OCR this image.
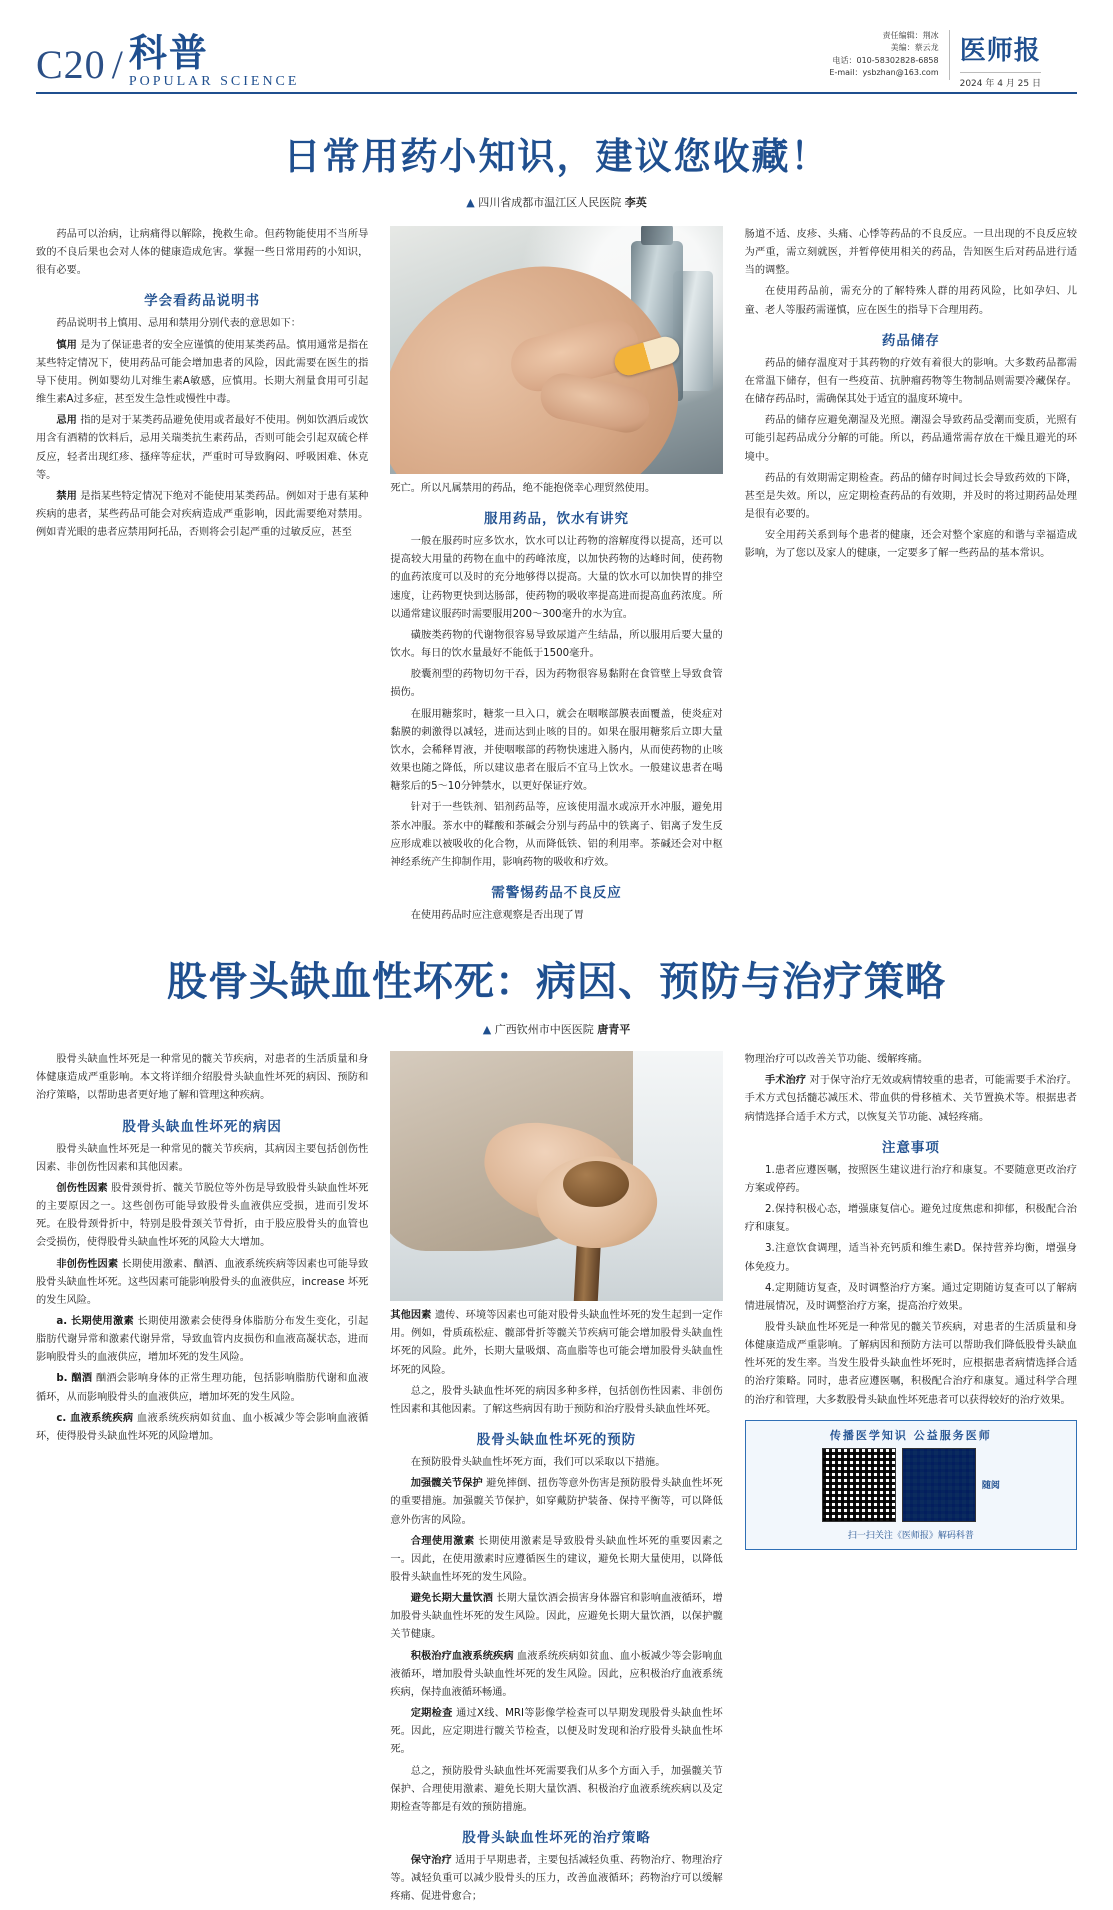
C20 / 科普
POPULAR SCIENCE
责任编辑：荆冰
美编：蔡云龙
电话：010-58302828-6858
E-mail：ysbzhan@163.com
医师报
2024 年 4 月 25 日
日常用药小知识，建议您收藏！
▲ 四川省成都市温江区人民医院 李英

药品可以治病，让病痛得以解除，挽救生命。但药物能使用不当所导致的不良后果也会对人体的健康造成危害。掌握一些日常用药的小知识，很有必要。

学会看药品说明书

药品说明书上慎用、忌用和禁用分别代表的意思如下：

慎用 是为了保证患者的安全应谨慎的使用某类药品。慎用通常是指在某些特定情况下，使用药品可能会增加患者的风险，因此需要在医生的指导下使用。例如婴幼儿对维生素A敏感，应慎用。长期大剂量食用可引起维生素A过多症，甚至发生急性或慢性中毒。

忌用 指的是对于某类药品避免使用或者最好不使用。例如饮酒后或饮用含有酒精的饮料后，忌用关瑞类抗生素药品，否则可能会引起双硫仑样反应，轻者出现红疹、搔痒等症状，严重时可导致胸闷、呼吸困难、休克等。

禁用 是指某些特定情况下绝对不能使用某类药品。例如对于患有某种疾病的患者，某些药品可能会对疾病造成严重影响，因此需要绝对禁用。例如青光眼的患者应禁用阿托品，否则将会引起严重的过敏反应，甚至

死亡。所以凡属禁用的药品，绝不能抱侥幸心理贸然使用。

服用药品，饮水有讲究

一般在服药时应多饮水，饮水可以让药物的溶解度得以提高，还可以提高较大用量的药物在血中的药峰浓度，以加快药物的达峰时间，使药物的血药浓度可以及时的充分地够得以提高。大量的饮水可以加快胃的排空速度，让药物更快到达肠部，使药物的吸收率提高进而提高血药浓度。所以通常建议服药时需要服用200～300毫升的水为宜。

磺胺类药物的代谢物很容易导致尿道产生结晶，所以服用后要大量的饮水。每日的饮水量最好不能低于1500毫升。

胶囊剂型的药物切勿干吞，因为药物很容易黏附在食管壁上导致食管损伤。

在服用糖浆时，糖浆一旦入口，就会在咽喉部膜表面覆盖，使炎症对黏膜的刺激得以减轻，进而达到止咳的目的。如果在服用糖浆后立即大量饮水，会稀释胃液，并使咽喉部的药物快速进入肠内，从而使药物的止咳效果也随之降低，所以建议患者在服后不宜马上饮水。一般建议患者在喝糖浆后的5～10分钟禁水，以更好保证疗效。

针对于一些铁剂、铝剂药品等，应该使用温水或凉开水冲服，避免用茶水冲服。茶水中的鞣酸和茶碱会分别与药品中的铁离子、铝离子发生反应形成难以被吸收的化合物，从而降低铁、铝的利用率。茶碱还会对中枢神经系统产生抑制作用，影响药物的吸收和疗效。

需警惕药品不良反应

在使用药品时应注意观察是否出现了胃

肠道不适、皮疹、头痛、心悸等药品的不良反应。一旦出现的不良反应较为严重，需立刻就医，并暂停使用相关的药品，告知医生后对药品进行适当的调整。

在使用药品前，需充分的了解特殊人群的用药风险，比如孕妇、儿童、老人等服药需谨慎，应在医生的指导下合理用药。

药品储存

药品的储存温度对于其药物的疗效有着很大的影响。大多数药品都需在常温下储存，但有一些疫苗、抗肿瘤药物等生物制品则需要冷藏保存。在储存药品时，需确保其处于适宜的温度环境中。

药品的储存应避免潮湿及光照。潮湿会导致药品受潮而变质，光照有可能引起药品成分分解的可能。所以，药品通常需存放在干燥且避光的环境中。

药品的有效期需定期检查。药品的储存时间过长会导致药效的下降，甚至是失效。所以，应定期检查药品的有效期，并及时的将过期药品处理是很有必要的。

安全用药关系到每个患者的健康，还会对整个家庭的和谐与幸福造成影响，为了您以及家人的健康，一定要多了解一些药品的基本常识。

股骨头缺血性坏死：病因、预防与治疗策略
▲ 广西钦州市中医医院 唐青平

股骨头缺血性坏死是一种常见的髋关节疾病，对患者的生活质量和身体健康造成严重影响。本文将详细介绍股骨头缺血性坏死的病因、预防和治疗策略，以帮助患者更好地了解和管理这种疾病。

股骨头缺血性坏死的病因

股骨头缺血性坏死是一种常见的髋关节疾病，其病因主要包括创伤性因素、非创伤性因素和其他因素。

创伤性因素 股骨颈骨折、髋关节脱位等外伤是导致股骨头缺血性坏死的主要原因之一。这些创伤可能导致股骨头血液供应受损，进而引发坏死。在股骨颈骨折中，特别是股骨颈关节骨折，由于股应股骨头的血管也会受损伤，使得股骨头缺血性坏死的风险大大增加。

非创伤性因素 长期使用激素、酗酒、血液系统疾病等因素也可能导致股骨头缺血性坏死。这些因素可能影响股骨头的血液供应，increase 坏死的发生风险。

a. 长期使用激素 长期使用激素会使得身体脂肪分布发生变化，引起脂肪代谢异常和激素代谢异常，导致血管内皮损伤和血液高凝状态，进而影响股骨头的血液供应，增加坏死的发生风险。

b. 酗酒 酗酒会影响身体的正常生理功能，包括影响脂肪代谢和血液循环，从而影响股骨头的血液供应，增加坏死的发生风险。

c. 血液系统疾病 血液系统疾病如贫血、血小板减少等会影响血液循环，使得股骨头缺血性坏死的风险增加。

其他因素 遗传、环境等因素也可能对股骨头缺血性坏死的发生起到一定作用。例如，骨质疏松症、髋部骨折等髋关节疾病可能会增加股骨头缺血性坏死的风险。此外，长期大量吸烟、高血脂等也可能会增加股骨头缺血性坏死的风险。

总之，股骨头缺血性坏死的病因多种多样，包括创伤性因素、非创伤性因素和其他因素。了解这些病因有助于预防和治疗股骨头缺血性坏死。

股骨头缺血性坏死的预防

在预防股骨头缺血性坏死方面，我们可以采取以下措施。

加强髋关节保护 避免摔倒、扭伤等意外伤害是预防股骨头缺血性坏死的重要措施。加强髋关节保护，如穿戴防护装备、保持平衡等，可以降低意外伤害的风险。

合理使用激素 长期使用激素是导致股骨头缺血性坏死的重要因素之一。因此，在使用激素时应遵循医生的建议，避免长期大量使用，以降低股骨头缺血性坏死的发生风险。

避免长期大量饮酒 长期大量饮酒会损害身体器官和影响血液循环，增加股骨头缺血性坏死的发生风险。因此，应避免长期大量饮酒，以保护髋关节健康。

积极治疗血液系统疾病 血液系统疾病如贫血、血小板减少等会影响血液循环，增加股骨头缺血性坏死的发生风险。因此，应积极治疗血液系统疾病，保持血液循环畅通。

定期检查 通过X线、MRI等影像学检查可以早期发现股骨头缺血性坏死。因此，应定期进行髋关节检查，以便及时发现和治疗股骨头缺血性坏死。

总之，预防股骨头缺血性坏死需要我们从多个方面入手，加强髋关节保护、合理使用激素、避免长期大量饮酒、积极治疗血液系统疾病以及定期检查等都是有效的预防措施。

股骨头缺血性坏死的治疗策略

保守治疗 适用于早期患者，主要包括减轻负重、药物治疗、物理治疗等。减轻负重可以减少股骨头的压力，改善血液循环；药物治疗可以缓解疼痛、促进骨愈合；

物理治疗可以改善关节功能、缓解疼痛。

手术治疗 对于保守治疗无效或病情较重的患者，可能需要手术治疗。手术方式包括髓芯减压术、带血供的骨移植术、关节置换术等。根据患者病情选择合适手术方式，以恢复关节功能、减轻疼痛。

注意事项

1.患者应遵医嘱，按照医生建议进行治疗和康复。不要随意更改治疗方案或停药。

2.保持积极心态，增强康复信心。避免过度焦虑和抑郁，积极配合治疗和康复。

3.注意饮食调理，适当补充钙质和维生素D。保持营养均衡，增强身体免疫力。

4.定期随访复查，及时调整治疗方案。通过定期随访复查可以了解病情进展情况，及时调整治疗方案，提高治疗效果。

股骨头缺血性坏死是一种常见的髋关节疾病，对患者的生活质量和身体健康造成严重影响。了解病因和预防方法可以帮助我们降低股骨头缺血性坏死的发生率。当发生股骨头缺血性坏死时，应根据患者病情选择合适的治疗策略。同时，患者应遵医嘱，积极配合治疗和康复。通过科学合理的治疗和管理，大多数股骨头缺血性坏死患者可以获得较好的治疗效果。

传播医学知识 公益服务医师
随阅
扫一扫关注《医师报》解码科普
